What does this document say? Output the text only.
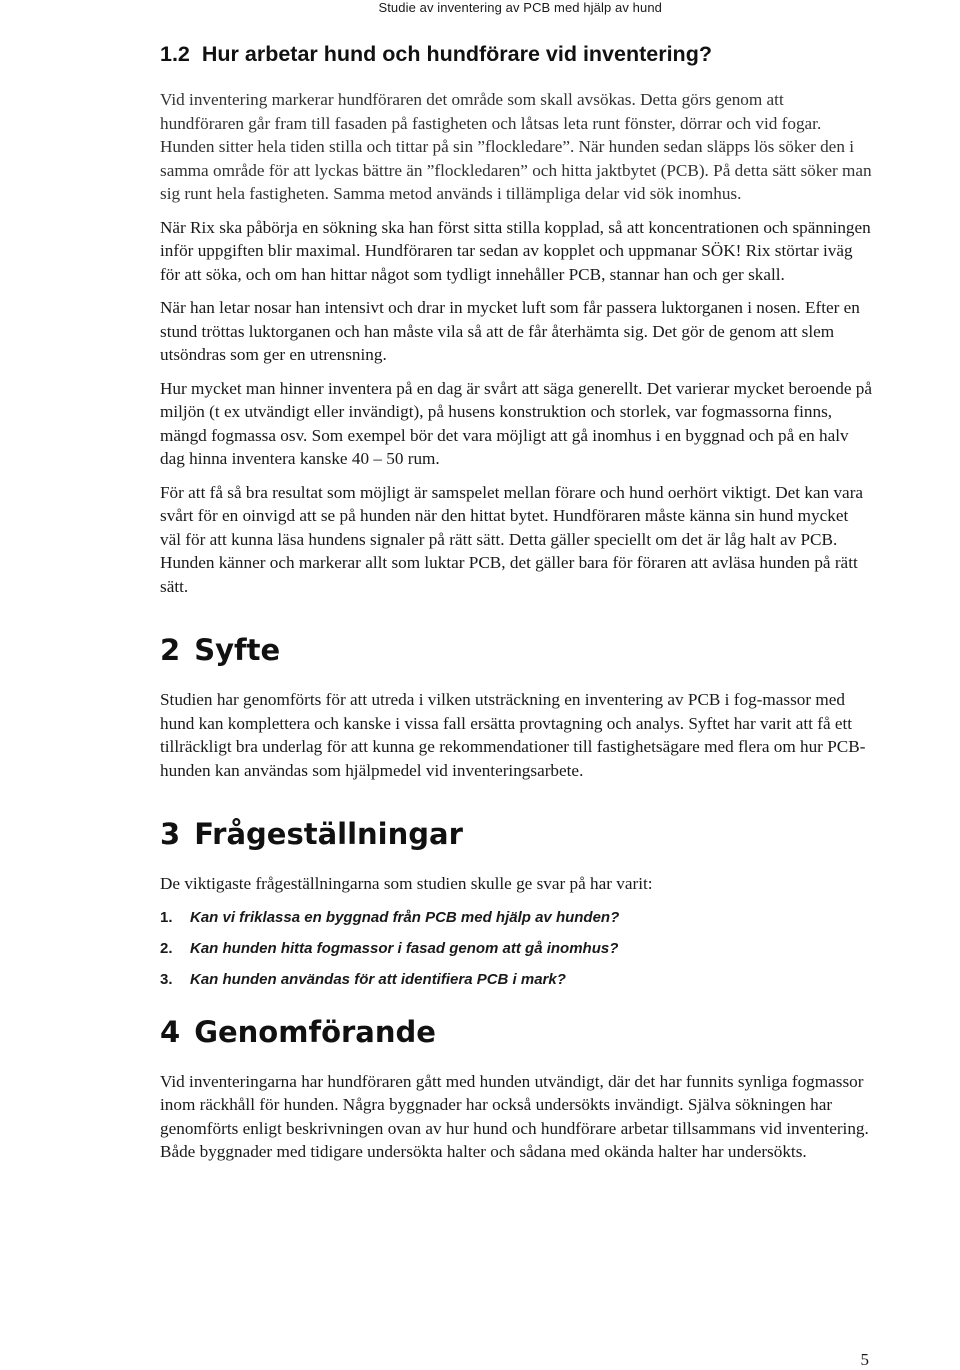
Studie av inventering av PCB med hjälp av hund
1.2 Hur arbetar hund och hundförare vid inventering?

Vid inventering markerar hundföraren det område som skall avsökas. Detta görs genom att hundföraren går fram till fasaden på fastigheten och låtsas leta runt fönster, dörrar och vid fogar. Hunden sitter hela tiden stilla och tittar på sin ”flockledare”. När hunden sedan släpps lös söker den i samma område för att lyckas bättre än ”flockledaren” och hitta jaktbytet (PCB). På detta sätt söker man sig runt hela fastigheten. Samma metod används i tillämpliga delar vid sök inomhus.

När Rix ska påbörja en sökning ska han först sitta stilla kopplad, så att koncentrationen och spänningen inför uppgiften blir maximal. Hundföraren tar sedan av kopplet och uppmanar SÖK! Rix störtar iväg för att söka, och om han hittar något som tydligt innehåller PCB, stannar han och ger skall.

När han letar nosar han intensivt och drar in mycket luft som får passera luktorganen i nosen. Efter en stund tröttas luktorganen och han måste vila så att de får återhämta sig. Det gör de genom att slem utsöndras som ger en utrensning.

Hur mycket man hinner inventera på en dag är svårt att säga generellt. Det varierar mycket beroende på miljön (t ex utvändigt eller invändigt), på husens konstruktion och storlek, var fogmassorna finns, mängd fogmassa osv. Som exempel bör det vara möjligt att gå inomhus i en byggnad och på en halv dag hinna inventera kanske 40 – 50 rum.

För att få så bra resultat som möjligt är samspelet mellan förare och hund oerhört viktigt. Det kan vara svårt för en oinvigd att se på hunden när den hittat bytet. Hundföraren måste känna sin hund mycket väl för att kunna läsa hundens signaler på rätt sätt. Detta gäller speciellt om det är låg halt av PCB. Hunden känner och markerar allt som luktar PCB, det gäller bara för föraren att avläsa hunden på rätt sätt.

2 Syfte

Studien har genomförts för att utreda i vilken utsträckning en inventering av PCB i fog-massor med hund kan komplettera och kanske i vissa fall ersätta provtagning och analys. Syftet har varit att få ett tillräckligt bra underlag för att kunna ge rekommendationer till fastighetsägare med flera om hur PCB-hunden kan användas som hjälpmedel vid inventeringsarbete.

3 Frågeställningar

De viktigaste frågeställningarna som studien skulle ge svar på har varit:

1.	Kan vi friklassa en byggnad från PCB med hjälp av hunden?
2.	Kan hunden hitta fogmassor i fasad genom att gå inomhus?
3.	Kan hunden användas för att identifiera PCB i mark?
4 Genomförande

Vid inventeringarna har hundföraren gått med hunden utvändigt, där det har funnits synliga fogmassor inom räckhåll för hunden. Några byggnader har också undersökts invändigt. Själva sökningen har genomförts enligt beskrivningen ovan av hur hund och hundförare arbetar tillsammans vid inventering. Både byggnader med tidigare undersökta halter och sådana med okända halter har undersökts.

5
